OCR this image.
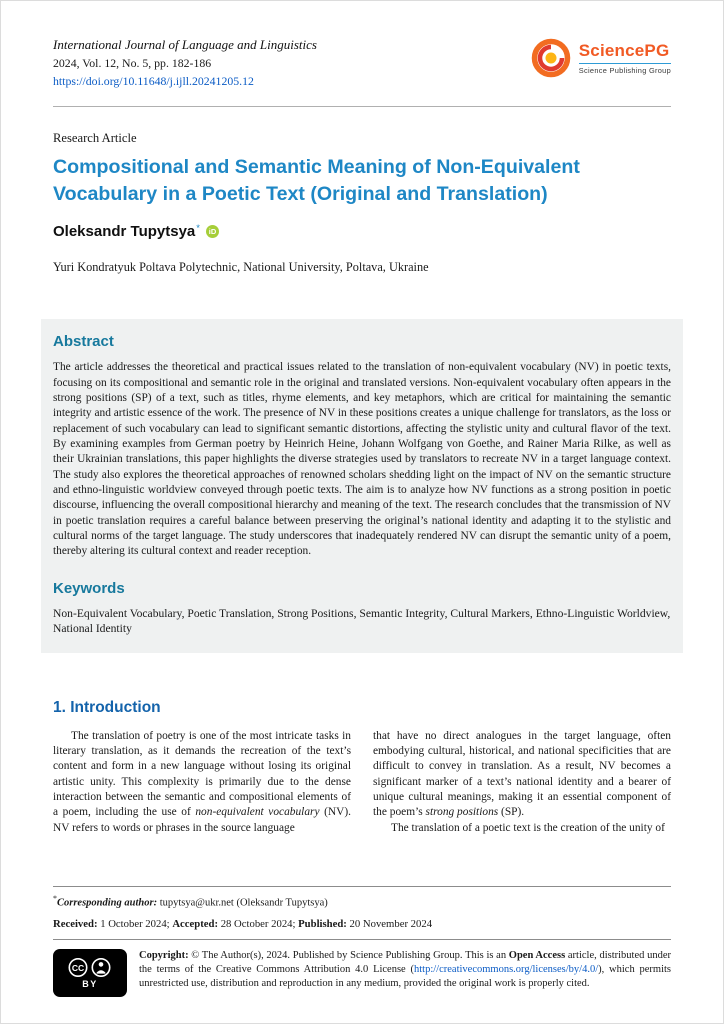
International Journal of Language and Linguistics
2024, Vol. 12, No. 5, pp. 182-186
https://doi.org/10.11648/j.ijll.20241205.12
SciencePG
Science Publishing Group
Research Article
Compositional and Semantic Meaning of Non-Equivalent Vocabulary in a Poetic Text (Original and Translation)
Oleksandr Tupytsya *	iD
Yuri Kondratyuk Poltava Polytechnic, National University, Poltava, Ukraine
Abstract

The article addresses the theoretical and practical issues related to the translation of non-equivalent vocabulary (NV) in poetic texts, focusing on its compositional and semantic role in the original and translated versions. Non-equivalent vocabulary often appears in the strong positions (SP) of a text, such as titles, rhyme elements, and key metaphors, which are critical for maintaining the semantic integrity and artistic essence of the work. The presence of NV in these positions creates a unique challenge for translators, as the loss or replacement of such vocabulary can lead to significant semantic distortions, affecting the stylistic unity and cultural flavor of the text. By examining examples from German poetry by Heinrich Heine, Johann Wolfgang von Goethe, and Rainer Maria Rilke, as well as their Ukrainian translations, this paper highlights the diverse strategies used by translators to recreate NV in a target language context. The study also explores the theoretical approaches of renowned scholars shedding light on the impact of NV on the semantic structure and ethno-linguistic worldview conveyed through poetic texts. The aim is to analyze how NV functions as a strong position in poetic discourse, influencing the overall compositional hierarchy and meaning of the text. The research concludes that the transmission of NV in poetic translation requires a careful balance between preserving the original’s national identity and adapting it to the stylistic and cultural norms of the target language. The study underscores that inadequately rendered NV can disrupt the semantic unity of a poem, thereby altering its cultural context and reader reception.

Keywords

Non-Equivalent Vocabulary, Poetic Translation, Strong Positions, Semantic Integrity, Cultural Markers, Ethno-Linguistic Worldview, National Identity

1. Introduction

The translation of poetry is one of the most intricate tasks in literary translation, as it demands the recreation of the text’s content and form in a new language without losing its original artistic unity. This complexity is primarily due to the dense interaction between the semantic and compositional elements of a poem, including the use of non-equivalent vocabulary (NV). NV refers to words or phrases in the source language

that have no direct analogues in the target language, often embodying cultural, historical, and national specificities that are difficult to convey in translation. As a result, NV becomes a significant marker of a text’s national identity and a bearer of unique cultural meanings, making it an essential component of the poem’s strong positions (SP).

The translation of a poetic text is the creation of the unity of

*Corresponding author: tupytsya@ukr.net (Oleksandr Tupytsya)
Received: 1 October 2024; Accepted: 28 October 2024; Published: 20 November 2024
CC
BY

Copyright: © The Author(s), 2024. Published by Science Publishing Group. This is an Open Access article, distributed under the terms of the Creative Commons Attribution 4.0 License (http://creativecommons.org/licenses/by/4.0/), which permits unrestricted use, distribution and reproduction in any medium, provided the original work is properly cited.
